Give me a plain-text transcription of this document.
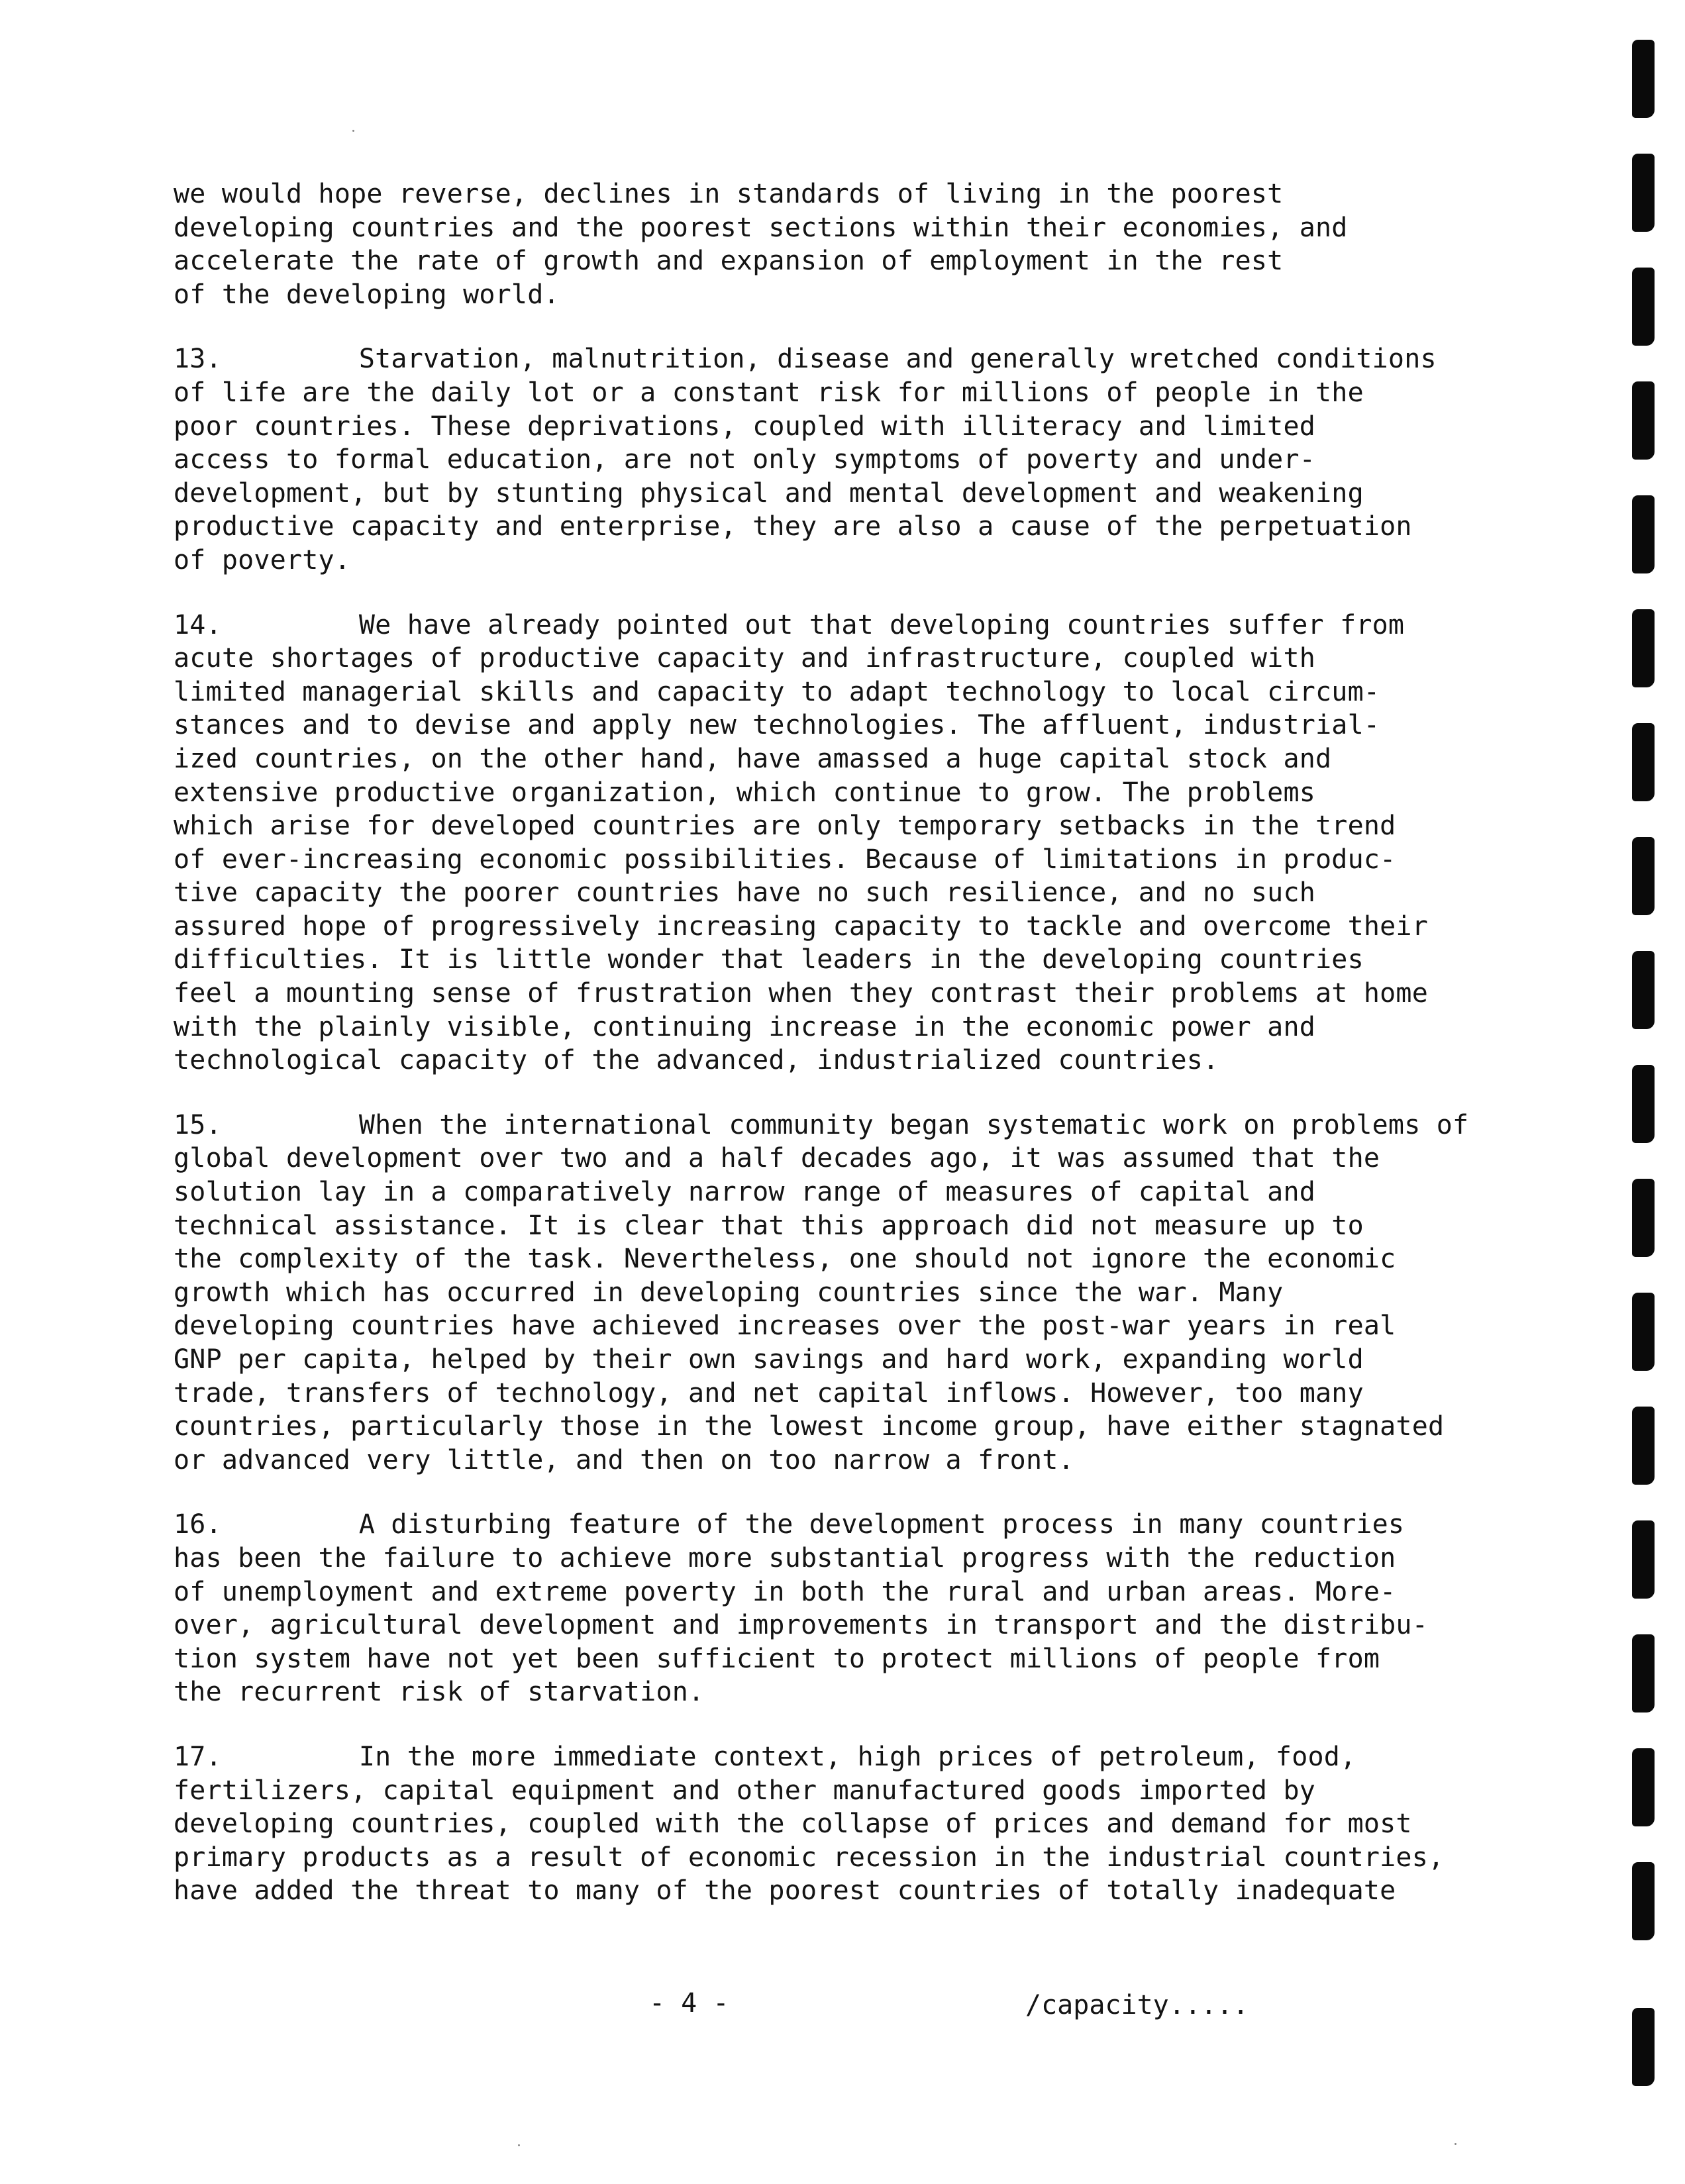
we would hope reverse, declines in standards of living in the poorest
developing countries and the poorest sections within their economies, and
accelerate the rate of growth and expansion of employment in the rest
of the developing world.
13.	Starvation, malnutrition, disease and generally wretched conditions
of life are the daily lot or a constant risk for millions of people in the
poor countries. These deprivations, coupled with illiteracy and limited
access to formal education, are not only symptoms of poverty and under-
development, but by stunting physical and mental development and weakening
productive capacity and enterprise, they are also a cause of the perpetuation
of poverty.
14.	We have already pointed out that developing countries suffer from
acute shortages of productive capacity and infrastructure, coupled with
limited managerial skills and capacity to adapt technology to local circum-
stances and to devise and apply new technologies. The affluent, industrial-
ized countries, on the other hand, have amassed a huge capital stock and
extensive productive organization, which continue to grow. The problems
which arise for developed countries are only temporary setbacks in the trend
of ever-increasing economic possibilities. Because of limitations in produc-
tive capacity the poorer countries have no such resilience, and no such
assured hope of progressively increasing capacity to tackle and overcome their
difficulties. It is little wonder that leaders in the developing countries
feel a mounting sense of frustration when they contrast their problems at home
with the plainly visible, continuing increase in the economic power and
technological capacity of the advanced, industrialized countries.
15.	When the international community began systematic work on problems of
global development over two and a half decades ago, it was assumed that the
solution lay in a comparatively narrow range of measures of capital and
technical assistance. It is clear that this approach did not measure up to
the complexity of the task. Nevertheless, one should not ignore the economic
growth which has occurred in developing countries since the war. Many
developing countries have achieved increases over the post-war years in real
GNP per capita, helped by their own savings and hard work, expanding world
trade, transfers of technology, and net capital inflows. However, too many
countries, particularly those in the lowest income group, have either stagnated
or advanced very little, and then on too narrow a front.
16.	A disturbing feature of the development process in many countries
has been the failure to achieve more substantial progress with the reduction
of unemployment and extreme poverty in both the rural and urban areas. More-
over, agricultural development and improvements in transport and the distribu-
tion system have not yet been sufficient to protect millions of people from
the recurrent risk of starvation.
17.	In the more immediate context, high prices of petroleum, food,
fertilizers, capital equipment and other manufactured goods imported by
developing countries, coupled with the collapse of prices and demand for most
primary products as a result of economic recession in the industrial countries,
have added the threat to many of the poorest countries of totally inadequate
- 4 -	/capacity.....
